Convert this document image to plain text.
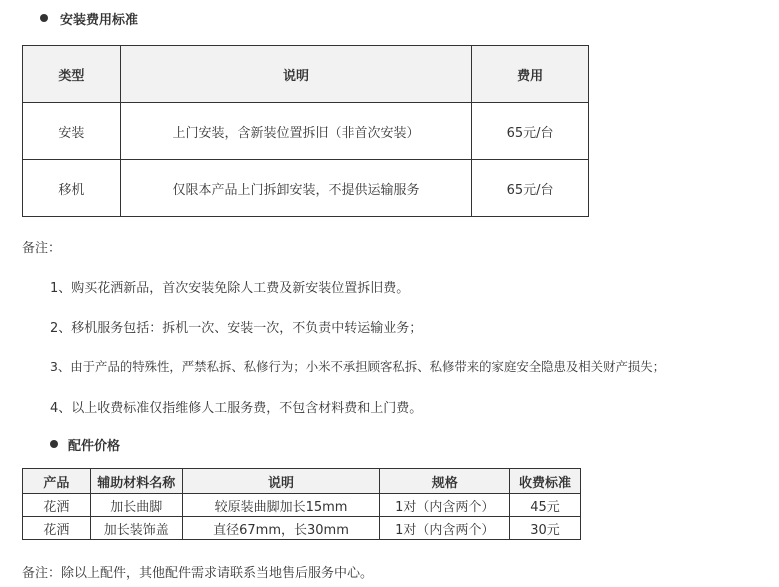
安装费用标准
类型	说明	费用
安装	上门安装，含新装位置拆旧（非首次安装）	65元/台
移机	仅限本产品上门拆卸安装，不提供运输服务	65元/台
备注：
1、购买花洒新品，首次安装免除人工费及新安装位置拆旧费。
2、移机服务包括：拆机一次、安装一次，不负责中转运输业务；
3、由于产品的特殊性，严禁私拆、私修行为；小米不承担顾客私拆、私修带来的家庭安全隐患及相关财产损失；
4、以上收费标准仅指维修人工服务费，不包含材料费和上门费。
配件价格
产品	辅助材料名称	说明	规格	收费标准
花洒	加长曲脚	较原装曲脚加长15mm	1对（内含两个）	45元
花洒	加长装饰盖	直径67mm，长30mm	1对（内含两个）	30元
备注：除以上配件，其他配件需求请联系当地售后服务中心。
